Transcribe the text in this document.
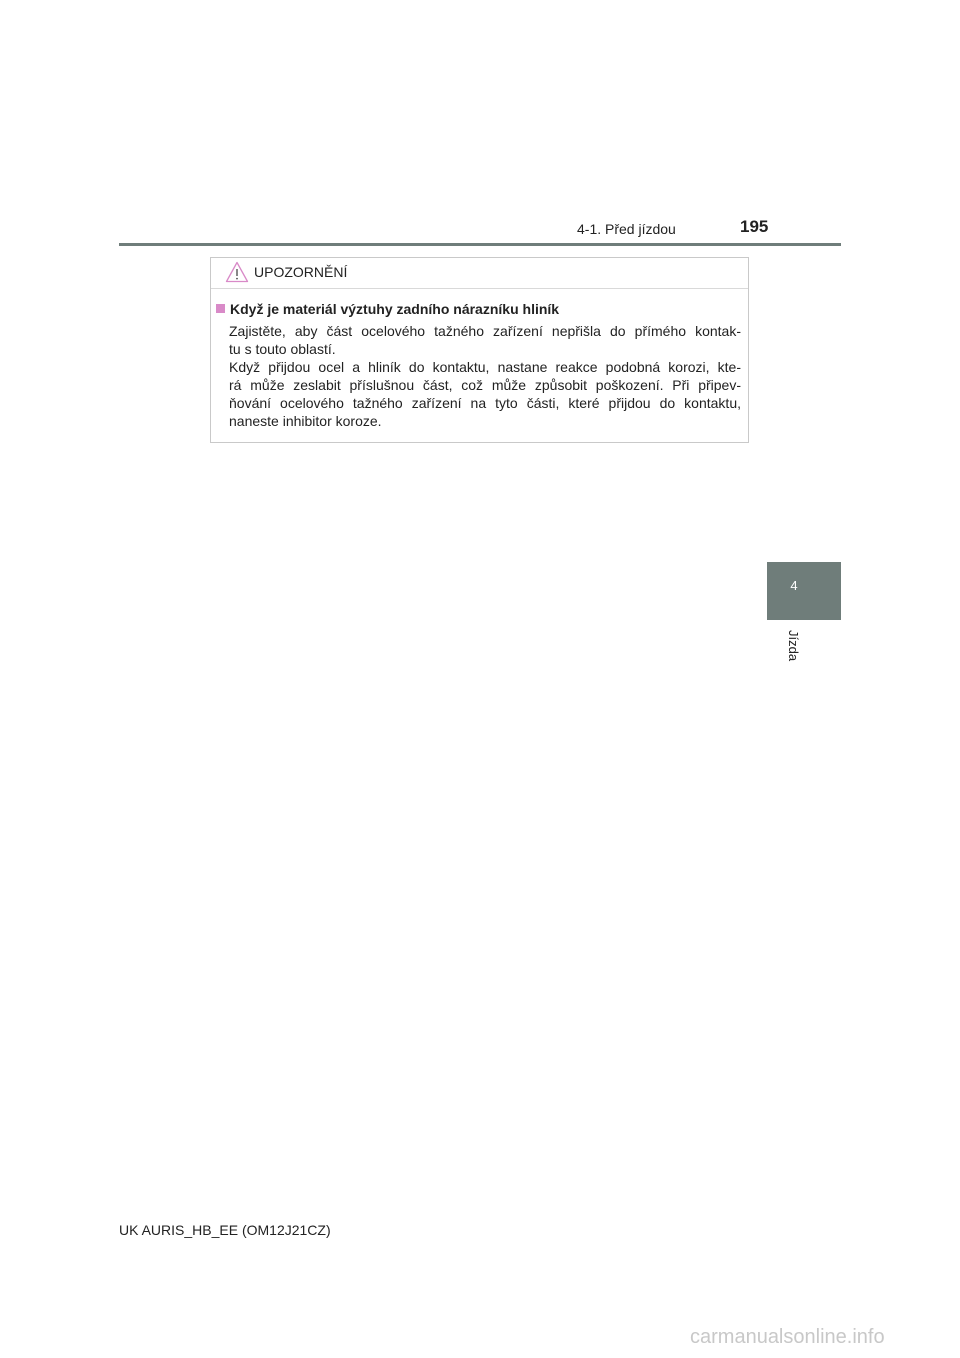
4-1. Před jízdou	195
UPOZORNĚNÍ
Když je materiál výztuhy zadního nárazníku hliník
Zajistěte, aby část ocelového tažného zařízení nepřišla do přímého kontak-
tu s touto oblastí.
Když přijdou ocel a hliník do kontaktu, nastane reakce podobná korozi, kte-
rá může zeslabit příslušnou část, což může způsobit poškození. Při připev-
ňování ocelového tažného zařízení na tyto části, které přijdou do kontaktu,
naneste inhibitor koroze.
4
Jízda
UK AURIS_HB_EE (OM12J21CZ)
carmanualsonline.info
